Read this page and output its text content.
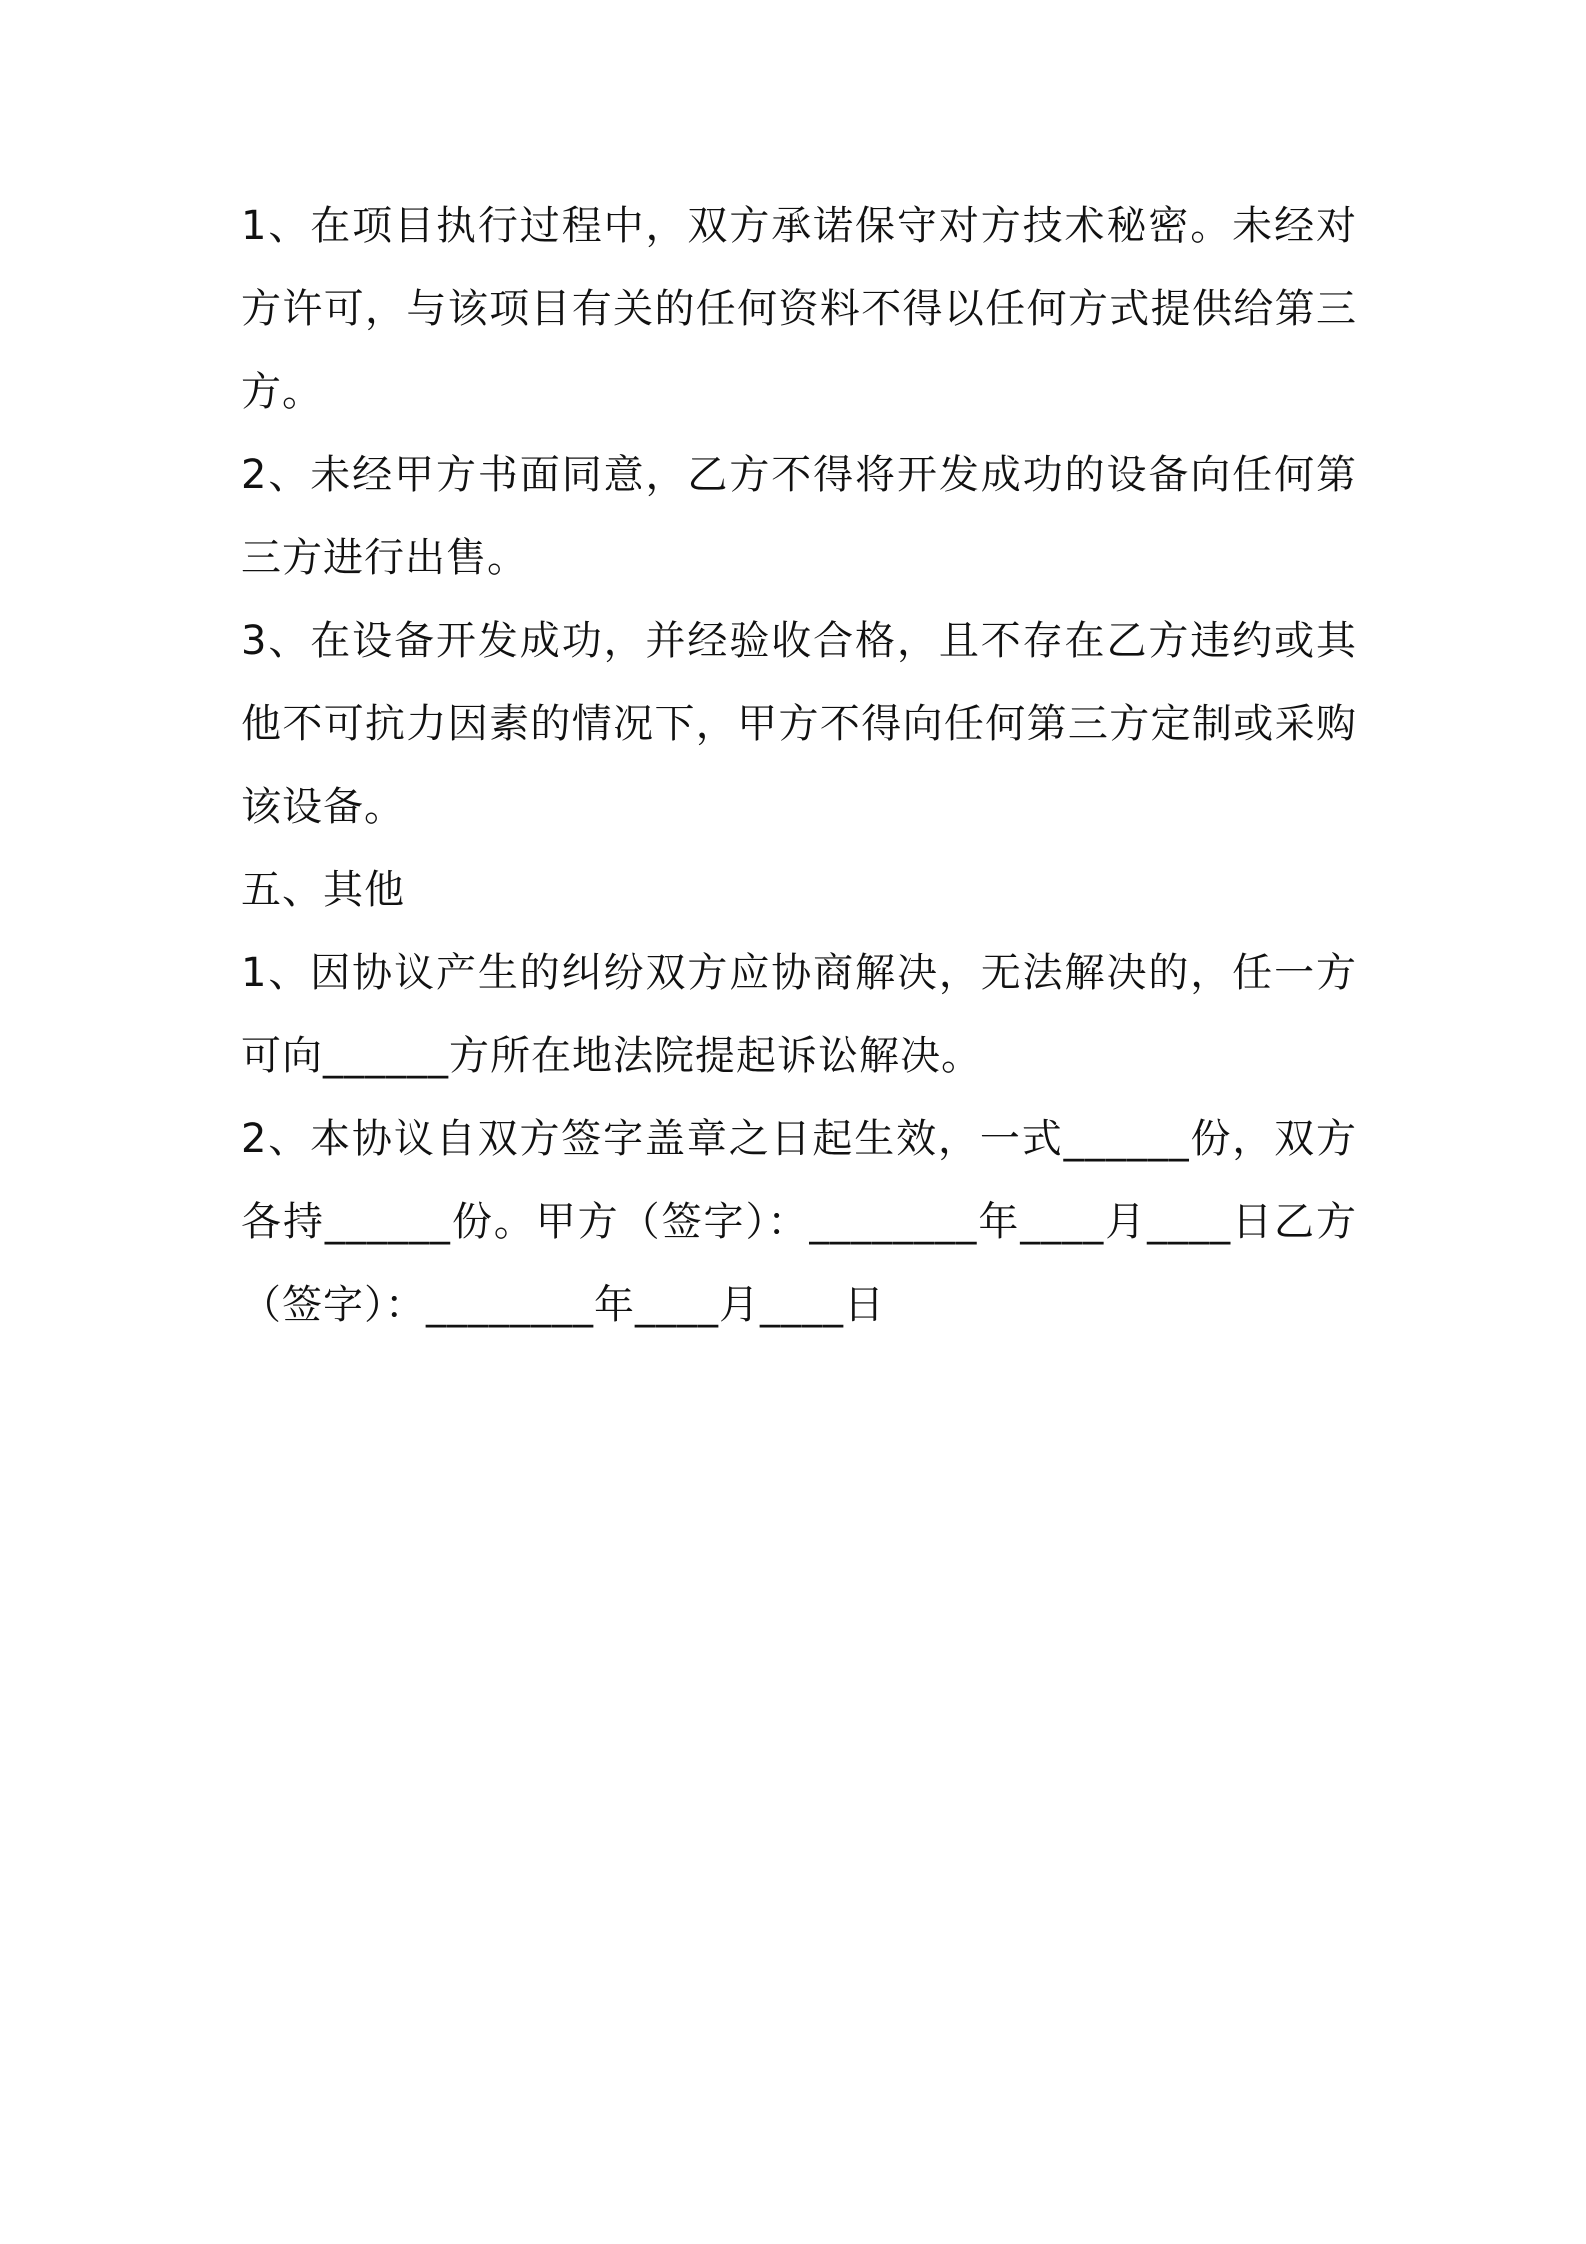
1、在项目执行过程中，双方承诺保守对方技术秘密。未经对方许可，与该项目有关的任何资料不得以任何方式提供给第三方。

2、未经甲方书面同意，乙方不得将开发成功的设备向任何第三方进行出售。

3、在设备开发成功，并经验收合格，且不存在乙方违约或其他不可抗力因素的情况下，甲方不得向任何第三方定制或采购该设备。

五、其他

1、因协议产生的纠纷双方应协商解决，无法解决的，任一方可向______方所在地法院提起诉讼解决。

2、本协议自双方签字盖章之日起生效，一式______份，双方各持______份。甲方（签字）：________年____月____日乙方（签字）：________年____月____日
